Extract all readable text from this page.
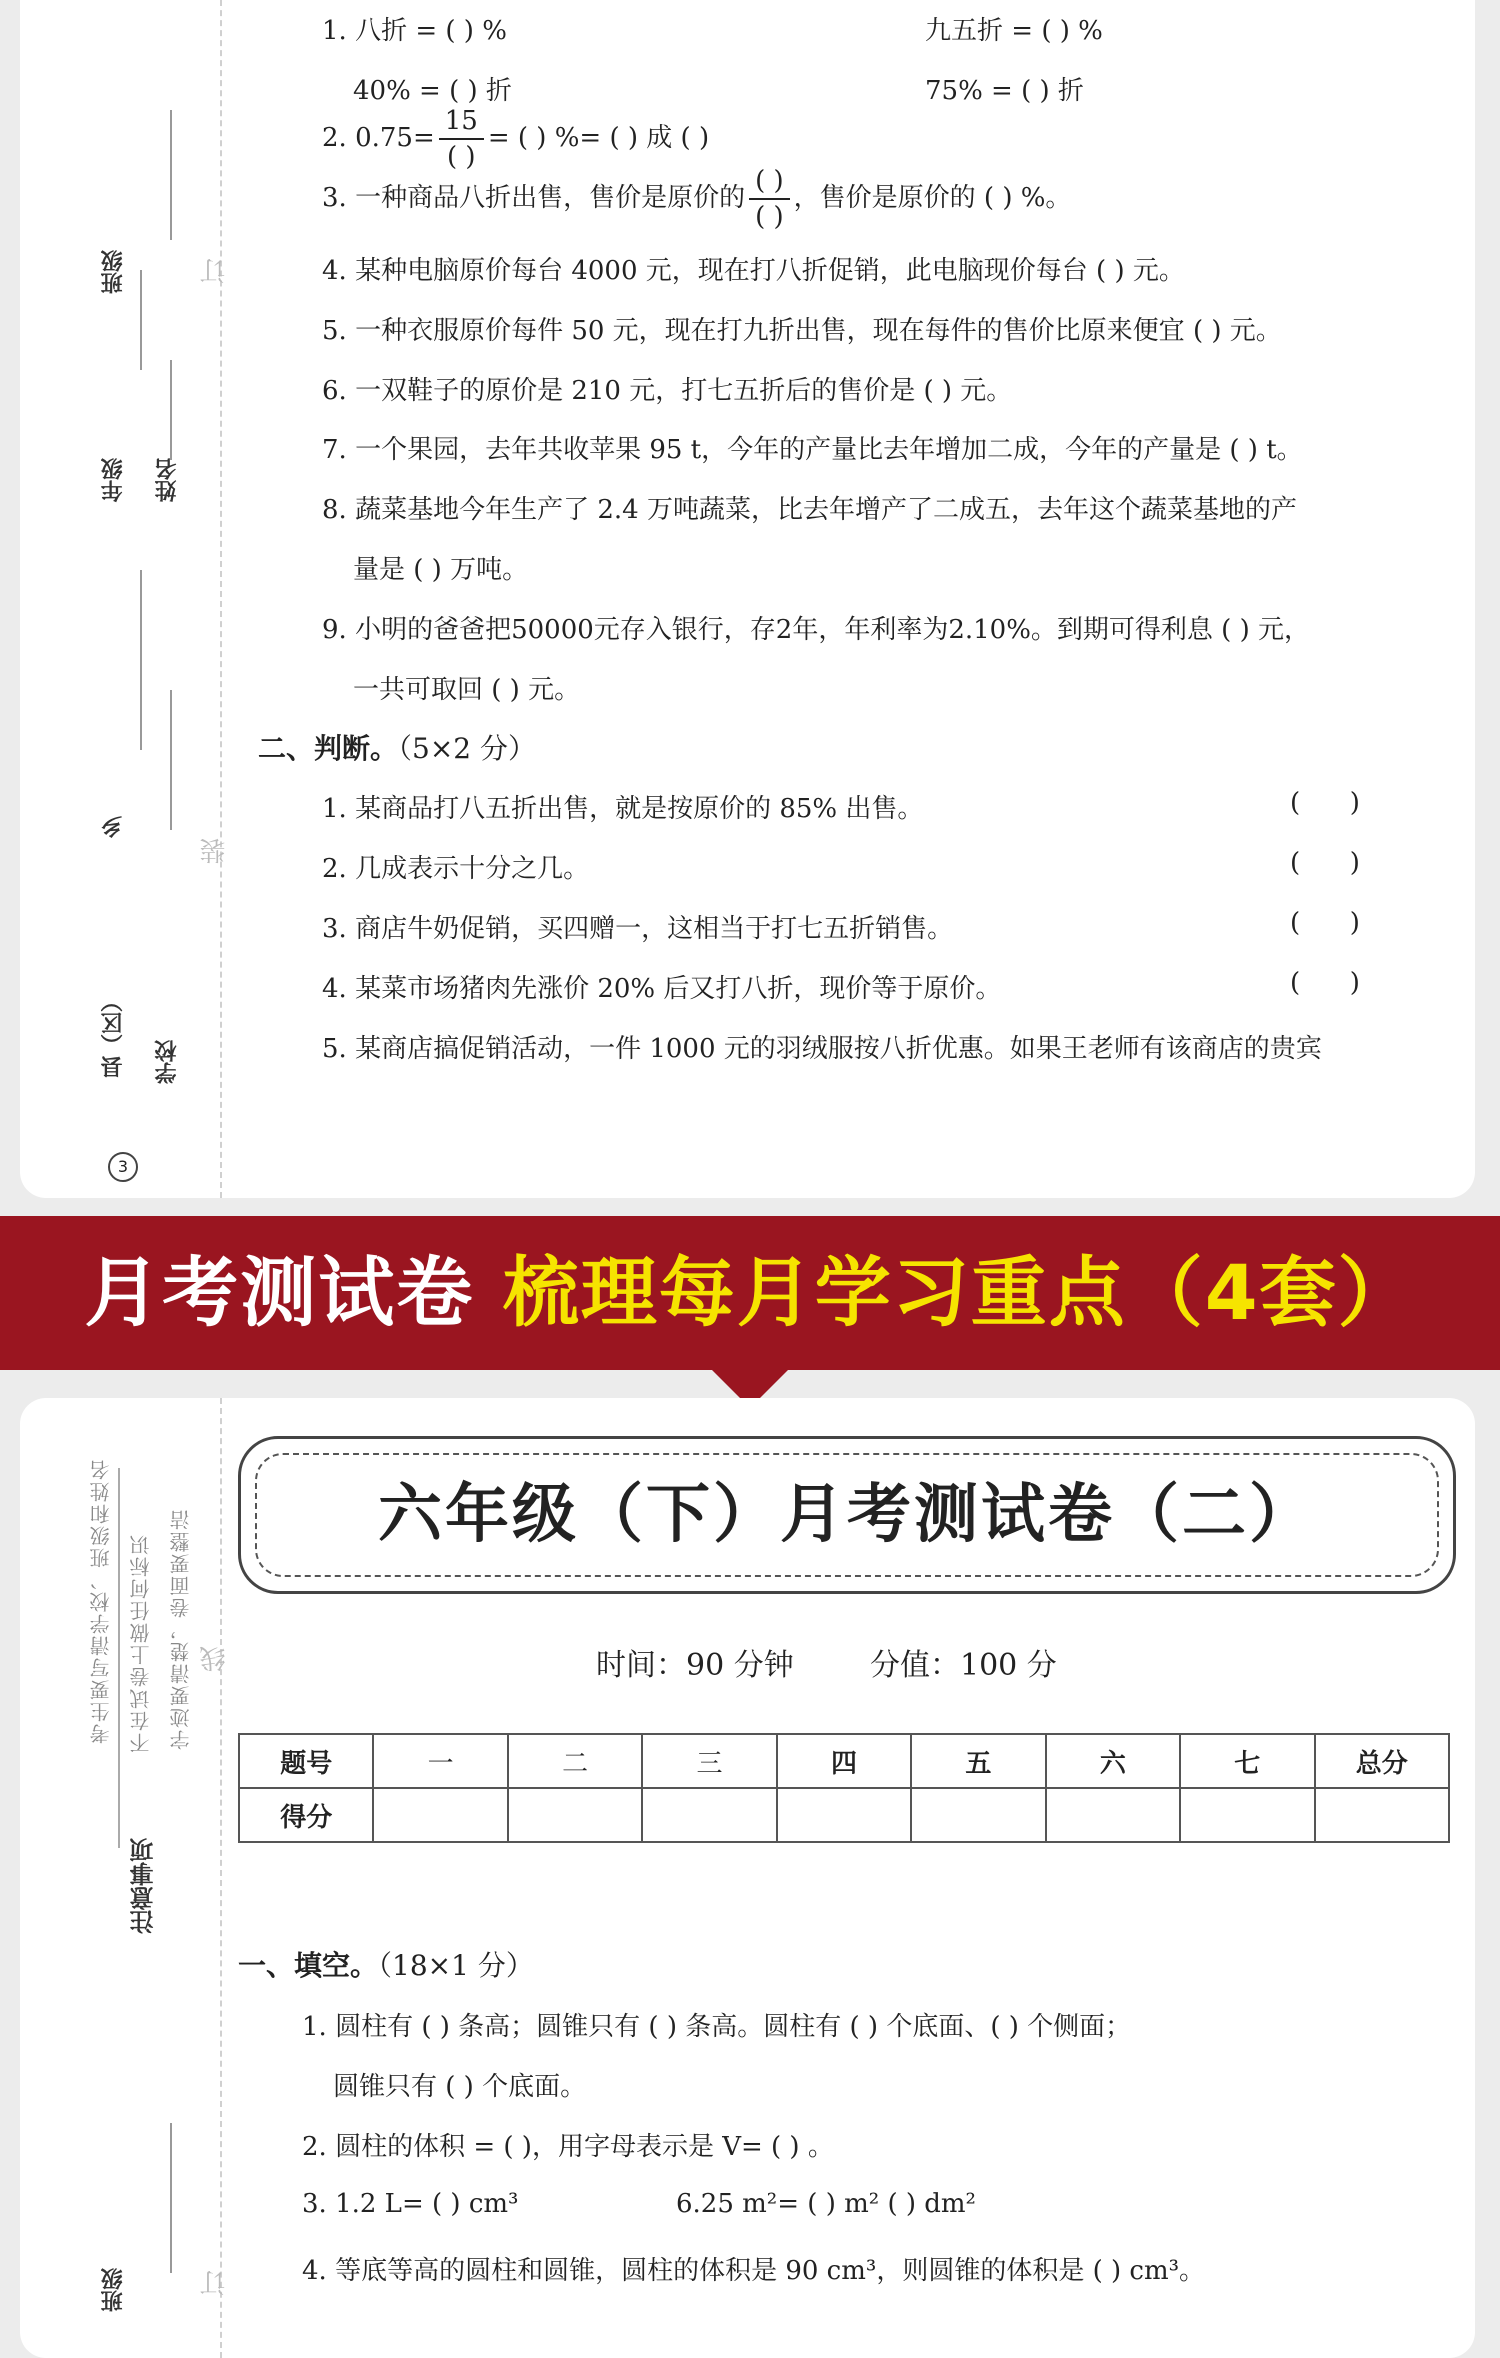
班级
年级 姓名
乡
县（区） 学校
订
装
3
1. 八折 = ( ) %	九五折 = ( ) %
40% = ( ) 折	75% = ( ) 折
2. $0.75= \frac{15}{( )}$ = ( ) %= ( ) 成 ( )
3. 一种商品八折出售，售价是原价的 $\frac{( )}{( )}$ ，售价是原价的 ( ) %。
4. 某种电脑原价每台 4000 元，现在打八折促销，此电脑现价每台 ( ) 元。
5. 一种衣服原价每件 50 元，现在打九折出售，现在每件的售价比原来便宜 ( ) 元。
6. 一双鞋子的原价是 210 元，打七五折后的售价是 ( ) 元。
7. 一个果园，去年共收苹果 95 t，今年的产量比去年增加二成，今年的产量是 ( ) t。
8. 蔬菜基地今年生产了 2.4 万吨蔬菜，比去年增产了二成五，去年这个蔬菜基地的产
量是 ( ) 万吨。
9. 小明的爸爸把50000元存入银行，存2年，年利率为2.10%。到期可得利息 ( ) 元，
一共可取回 ( ) 元。
二、判断。（5×2 分）
1. 某商品打八五折出售，就是按原价的 85% 出售。	(      )
2. 几成表示十分之几。	(      )
3. 商店牛奶促销，买四赠一，这相当于打七五折销售。	(      )
4. 某菜市场猪肉先涨价 20% 后又打八折，现价等于原价。	(      )
5. 某商店搞促销活动，一件 1000 元的羽绒服按八折优惠。如果王老师有该商店的贵宾
月考测试卷 梳理每月学习重点（4套）
注意事项
考生要写清学校、班级和姓名 不在试卷上做任何标识 字迹要清楚，卷面要整洁 线
订
班级
六年级（下）月考测试卷（二）
时间：90 分钟        分值：100 分
题号	一	二	三	四	五	六	七	总分
得分								
一、填空。（18×1 分）
1. 圆柱有 ( ) 条高；圆锥只有 ( ) 条高。圆柱有 ( ) 个底面、( ) 个侧面；
圆锥只有 ( ) 个底面。
2. 圆柱的体积 = ( )，用字母表示是 V= ( ) 。
3. 1.2 L= ( ) cm³	6.25 m²= ( ) m² ( ) dm²
4. 等底等高的圆柱和圆锥，圆柱的体积是 90 cm³，则圆锥的体积是 ( ) cm³。
